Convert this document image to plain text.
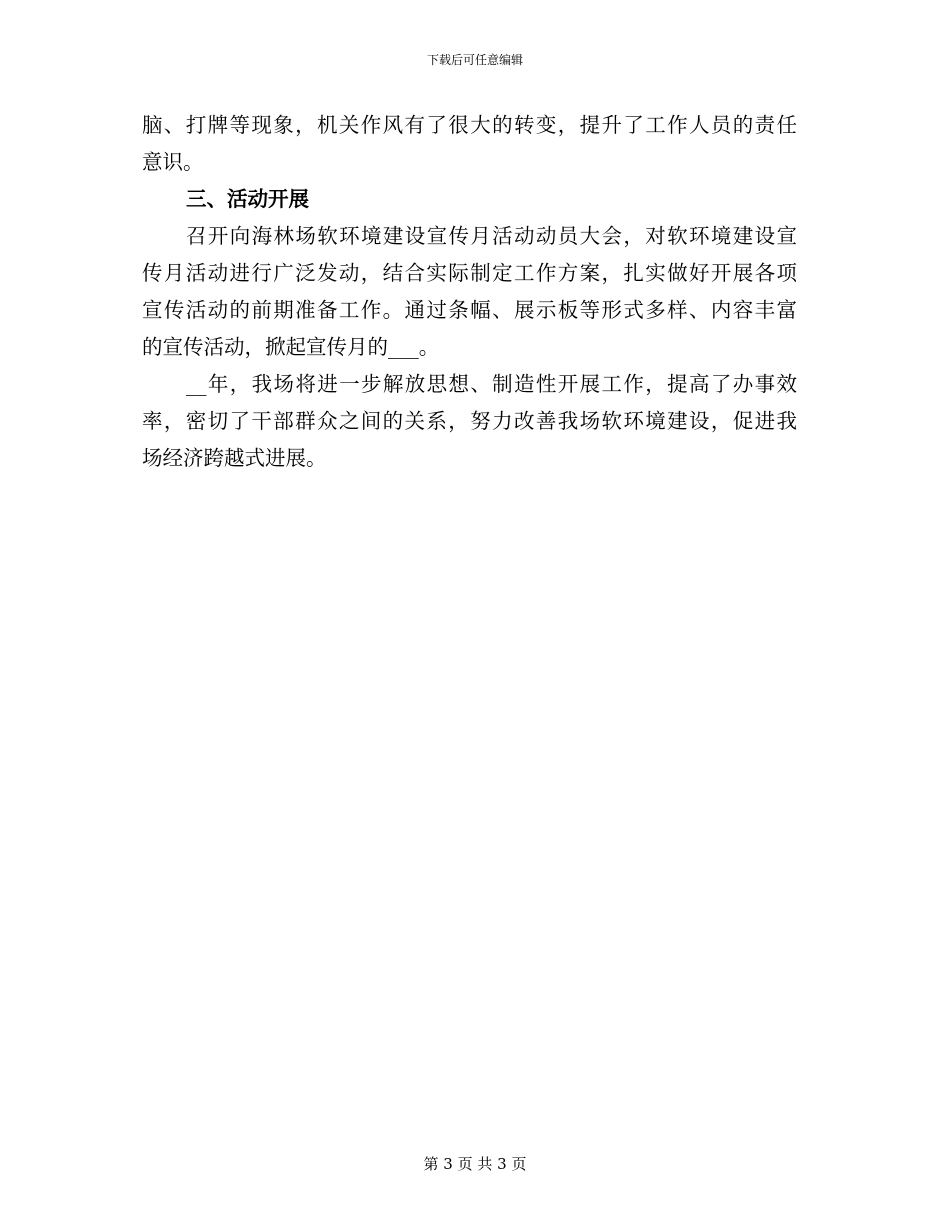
下载后可任意编辑
脑、打牌等现象，机关作风有了很大的转变，提升了工作人员的责任
意识。
三、活动开展
召开向海林场软环境建设宣传月活动动员大会，对软环境建设宣
传月活动进行广泛发动，结合实际制定工作方案，扎实做好开展各项
宣传活动的前期准备工作。通过条幅、展示板等形式多样、内容丰富
的宣传活动，掀起宣传月的___。
__年，我场将进一步解放思想、制造性开展工作，提高了办事效
率，密切了干部群众之间的关系，努力改善我场软环境建设，促进我
场经济跨越式进展。
第 3 页 共 3 页
